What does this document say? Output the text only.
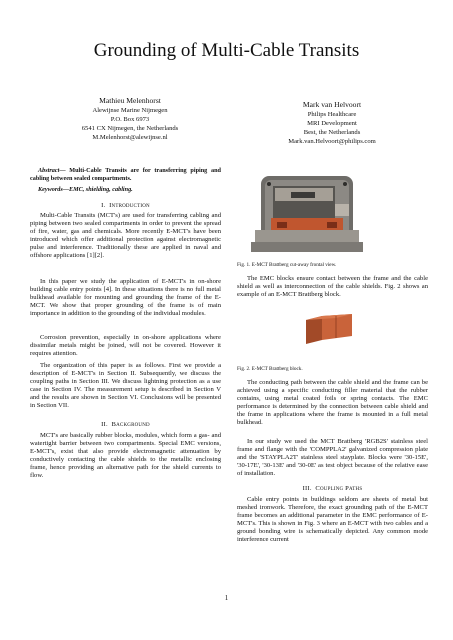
Grounding of Multi-Cable Transits
Mathieu Melenhorst
Alewijnse Marine Nijmegen
P.O. Box 6973
6541 CX Nijmegen, the Netherlands
M.Melenhorst@alewijnse.nl
Mark van Helvoort
Philips Healthcare
MRI Development
Best, the Netherlands
Mark.van.Helvoort@philips.com
Abstract— Multi-Cable Transits are for transferring piping and cabling between sealed compartments.
Keywords—EMC, shielding, cabling.
I. Introduction
Multi-Cable Transits (MCT's) are used for transferring cabling and piping between two sealed compartments in order to prevent the spread of fire, water, gas and chemicals. More recently E-MCT's have been introduced which offer additional protection against electromagnetic pulse and interference. Traditionally these are applied in naval and offshore applications [1][2].
In this paper we study the application of E-MCT's in on-shore building cable entry points [4]. In these situations there is no full metal bulkhead available for mounting and grounding the frame of the E-MCT. We show that proper grounding of the frame is of main importance in addition to the grounding of the individual modules.
Corrosion prevention, especially in on-shore applications where dissimilar metals might be joined, will not be covered. However it requires attention.
The organization of this paper is as follows. First we provide a description of E-MCT's in Section II. Subsequently, we discuss the coupling paths in Section III. We discuss lightning protection as a use case in Section IV. The measurement setup is described in Section V and the results are shown in Section VI. Conclusions will be presented in Section VII.
II. Background
MCT's are basically rubber blocks, modules, which form a gas- and watertight barrier between two compartments. Special EMC versions, E-MCT's, exist that also provide electromagnetic attenuation by conductively contacting the cable shields to the metallic enclosing frame, hence providing an alternative path for the shield currents to flow.
Fig. 1. E-MCT Brattberg cut-away frontal view.
The EMC blocks ensure contact between the frame and the cable shield as well as interconnection of the cable shields. Fig. 2 shows an example of an E-MCT Brattberg block.
Fig. 2. E-MCT Brattberg block.
The conducting path between the cable shield and the frame can be achieved using a specific conducting filler material that the rubber contains, using metal coated foils or spring contacts. The EMC performance is determined by the connection between cable shield and the frame in applications where the frame is mounted in a full metal bulkhead.
In our study we used the MCT Brattberg 'RGB2S' stainless steel frame and flange with the 'COMPPLA2' galvanized compression plate and the 'STAYPLA2T' stainless steel stayplate. Blocks were '30-15E', '30-17E', '30-13E' and '30-0E' as test object because of the relative ease of installation.
III. Coupling Paths
Cable entry points in buildings seldom are sheets of metal but meshed ironwork. Therefore, the exact grounding path of the E-MCT frame becomes an additional parameter in the EMC performance of E-MCT's. This is shown in Fig. 3 where an E-MCT with two cables and a ground bonding wire is schematically depicted. Any common mode interference current
1
